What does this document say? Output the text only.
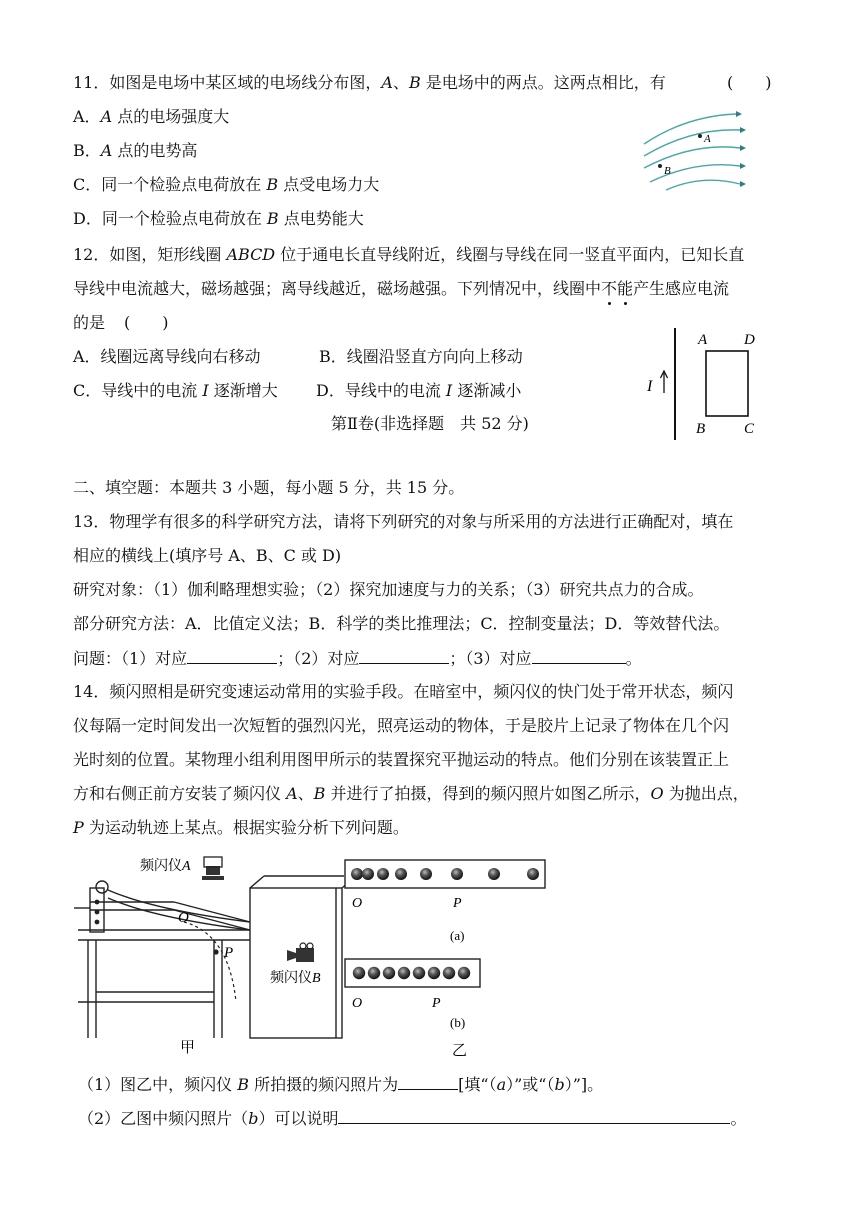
11．如图是电场中某区域的电场线分布图，A、B 是电场中的两点。这两点相比，有	(　　)
A．A 点的电场强度大
B．A 点的电势高
C．同一个检验点电荷放在 B 点受电场力大
D．同一个检验点电荷放在 B 点电势能大
A
B
12．如图，矩形线圈 ABCD 位于通电长直导线附近，线圈与导线在同一竖直平面内，已知长直
导线中电流越大，磁场越强；离导线越近，磁场越强。下列情况中，线圈中不能产生感应电流
的是 (　　)
A．线圈远离导线向右移动	B．线圈沿竖直方向向上移动
C．导线中的电流 I 逐渐增大 D．导线中的电流 I 逐渐减小	I
A D
B	C
第Ⅱ卷(非选择题　共 52 分)
二、填空题：本题共 3 小题，每小题 5 分，共 15 分。
13．物理学有很多的科学研究方法，请将下列研究的对象与所采用的方法进行正确配对，填在
相应的横线上(填序号 A、B、C 或 D)
研究对象：（1）伽利略理想实验；（2）探究加速度与力的关系；（3）研究共点力的合成。
部分研究方法：A．比值定义法；B．科学的类比推理法；C．控制变量法；D．等效替代法。
问题：（1）对应	；（2）对应	；（3）对应	。
14．频闪照相是研究变速运动常用的实验手段。在暗室中，频闪仪的快门处于常开状态，频闪
仪每隔一定时间发出一次短暂的强烈闪光，照亮运动的物体，于是胶片上记录了物体在几个闪
光时刻的位置。某物理小组利用图甲所示的装置探究平抛运动的特点。他们分别在该装置正上
方和右侧正前方安装了频闪仪 A、B 并进行了拍摄，得到的频闪照片如图乙所示，O 为抛出点，
P 为运动轨迹上某点。根据实验分析下列问题。
O
P
频闪仪A
频闪仪B
甲
O	P
(a)
O	P
(b)
乙
（1）图乙中，频闪仪 B 所拍摄的频闪照片为	[填“（a）”或“（b）”]。
（2）乙图中频闪照片（b）可以说明	。
